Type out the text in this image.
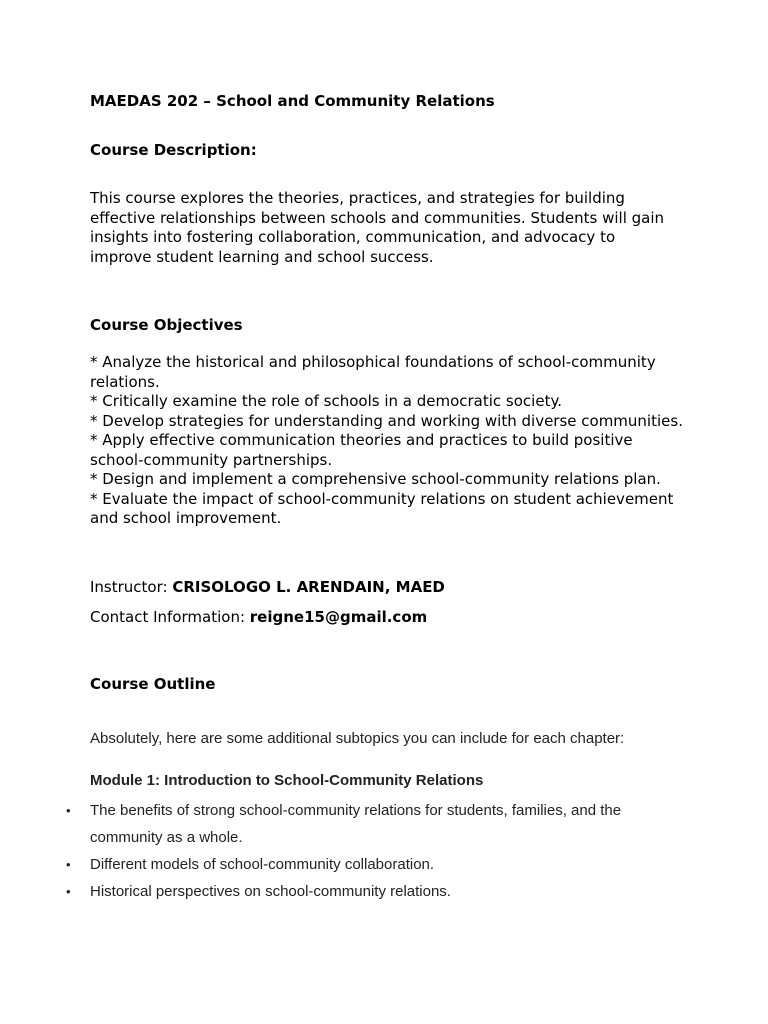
MAEDAS 202 – School and Community Relations

Course Description:

This course explores the theories, practices, and strategies for building effective relationships between schools and communities. Students will gain insights into fostering collaboration, communication, and advocacy to improve student learning and school success.

Course Objectives

* Analyze the historical and philosophical foundations of school-community relations.
* Critically examine the role of schools in a democratic society.
* Develop strategies for understanding and working with diverse communities.
* Apply effective communication theories and practices to build positive school-community partnerships.
* Design and implement a comprehensive school-community relations plan.
* Evaluate the impact of school-community relations on student achievement and school improvement.

Instructor: CRISOLOGO L. ARENDAIN, MAED

Contact Information: reigne15@gmail.com

Course Outline

Absolutely, here are some additional subtopics you can include for each chapter:

Module 1: Introduction to School-Community Relations

• The benefits of strong school-community relations for students, families, and the community as a whole.
• Different models of school-community collaboration.
• Historical perspectives on school-community relations.
